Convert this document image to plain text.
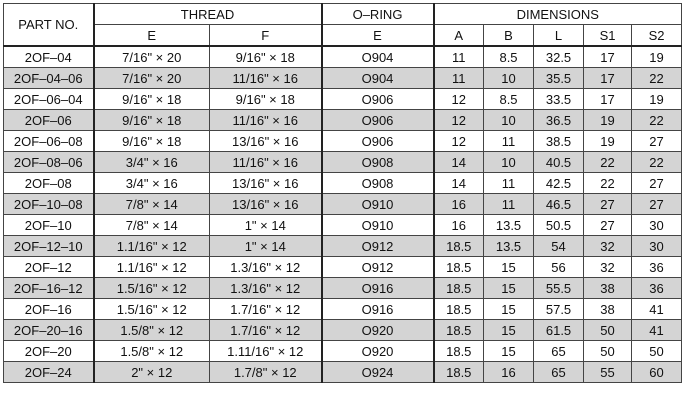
PART NO.	THREAD		O–RING	DIMENSIONS				
	E	F	E	A	B	L	S1	S2
2OF–04	7/16" × 20	9/16" × 18	O904	11	8.5	32.5	17	19
2OF–04–06	7/16" × 20	11/16" × 16	O904	11	10	35.5	17	22
2OF–06–04	9/16" × 18	9/16" × 18	O906	12	8.5	33.5	17	19
2OF–06	9/16" × 18	11/16" × 16	O906	12	10	36.5	19	22
2OF–06–08	9/16" × 18	13/16" × 16	O906	12	11	38.5	19	27
2OF–08–06	3/4" × 16	11/16" × 16	O908	14	10	40.5	22	22
2OF–08	3/4" × 16	13/16" × 16	O908	14	11	42.5	22	27
2OF–10–08	7/8" × 14	13/16" × 16	O910	16	11	46.5	27	27
2OF–10	7/8" × 14	1" × 14	O910	16	13.5	50.5	27	30
2OF–12–10	1.1/16" × 12	1" × 14	O912	18.5	13.5	54	32	30
2OF–12	1.1/16" × 12	1.3/16" × 12	O912	18.5	15	56	32	36
2OF–16–12	1.5/16" × 12	1.3/16" × 12	O916	18.5	15	55.5	38	36
2OF–16	1.5/16" × 12	1.7/16" × 12	O916	18.5	15	57.5	38	41
2OF–20–16	1.5/8" × 12	1.7/16" × 12	O920	18.5	15	61.5	50	41
2OF–20	1.5/8" × 12	1.11/16" × 12	O920	18.5	15	65	50	50
2OF–24	2" × 12	1.7/8" × 12	O924	18.5	16	65	55	60
